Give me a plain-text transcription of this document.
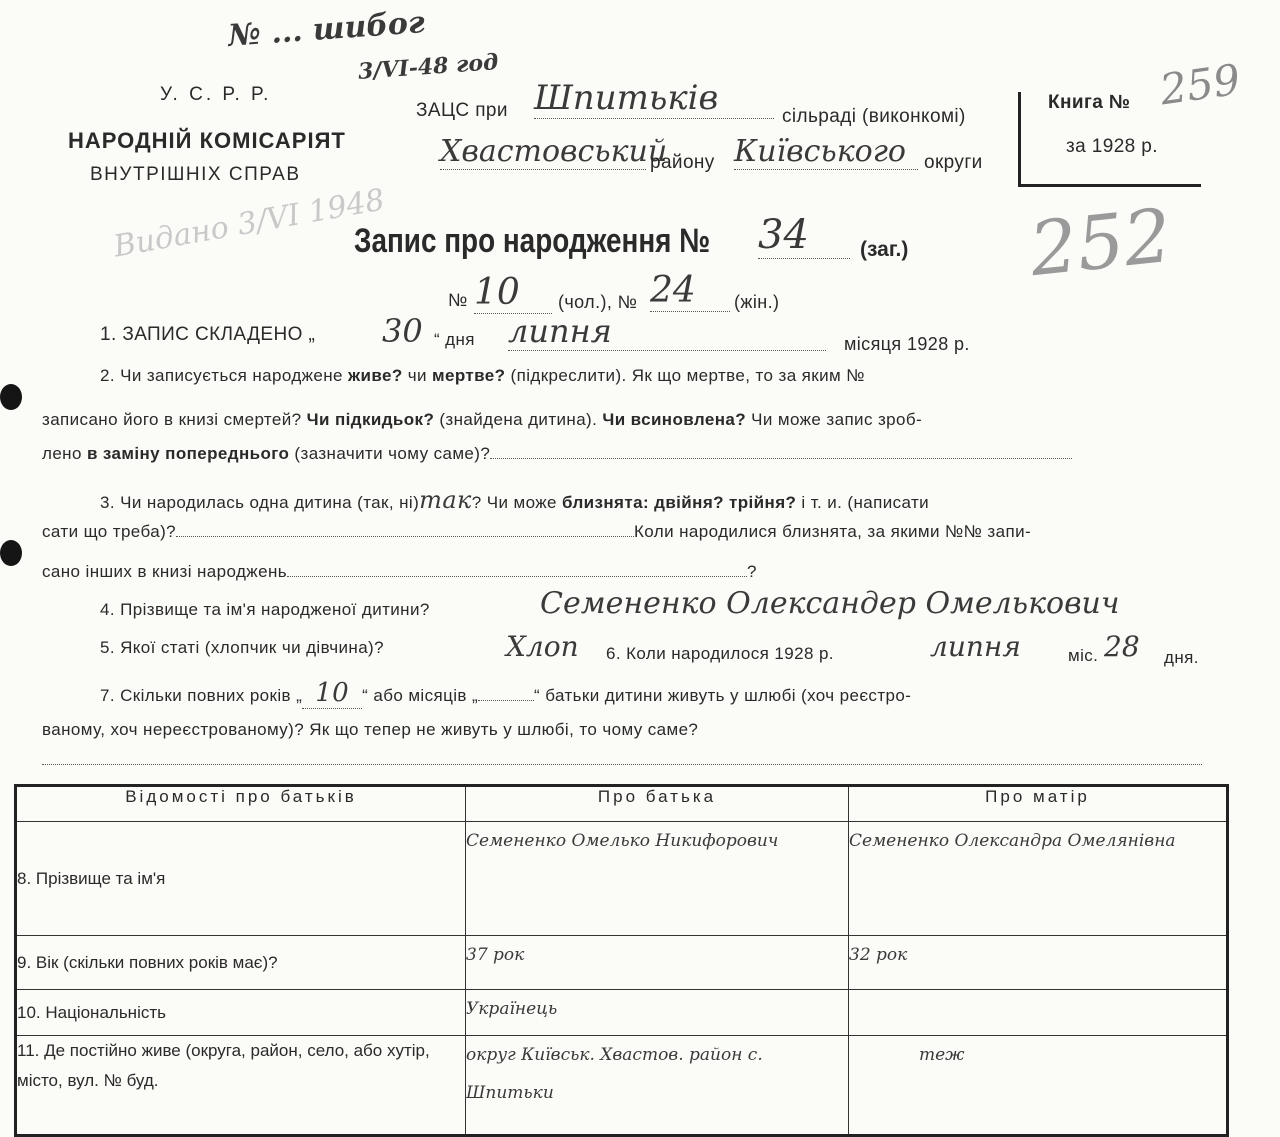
№ ... шибог
3/VI-48 год
У. С. Р. Р.
НАРОДНІЙ КОМІСАРІЯТ
ВНУТРІШНІХ СПРАВ
Видано 3/VI 1948
ЗАЦС при Шпитьків	сільраді (виконкомі)
Хвастовський
району Київського округи
Книга № 259
за 1928 р.
252
Запис про народження № 34	(заг.)
№ 10	(чол.), № 24	(жін.)
1. ЗАПИС СКЛАДЕНО „ 30 “ дня липня	місяця 1928 р.
2. Чи записується народжене живе? чи мертве? (підкреслити). Як що мертве, то за яким №
записано його в книзі смертей? Чи підкидьок? (знайдена дитина). Чи всиновлена? Чи може запис зроб-
лено в заміну попереднього (зазначити чому саме)?
3. Чи народилась одна дитина (так, ні)так? Чи може близнята: двійня? трійня? і т. и. (написати
сати що треба)?	Коли народилися близнята, за якими №№ запи-
сано інших в книзі народжень	?
4. Прізвище та ім'я народженої дитини?	Семененко Олександер Омелькович
5. Якої статі (хлопчик чи дівчина)?	Хлоп 6. Коли народилося 1928 р.	липня	міс. 28 дня.
7. Скільки повних років „ 10 “ або місяців „	“ батьки дитини живуть у шлюбі (хоч реєстро-
ваному, хоч нереєстрованому)? Як що тепер не живуть у шлюбі, то чому саме?
Відомості про батьків	Про батька	Про матір
8. Прізвище та ім'я	Семененко Омелько Никифорович	Семененко Олександра Омелянівна
9. Вік (скільки повних років має)?	37 рок	32 рок
10. Національність	Українець	
11. Де постійно живе (округа, район, село, або хутір, місто, вул. № буд.	округ Київськ. Хвастов. район с. Шпитьки	теж
